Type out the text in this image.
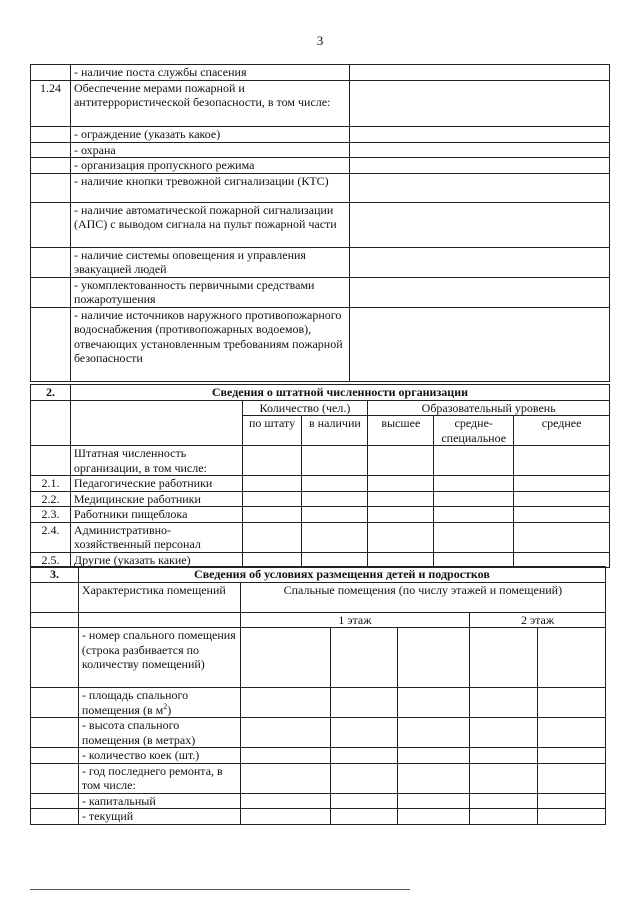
3
	- наличие поста службы спасения	
1.24	Обеспечение мерами пожарной и антитеррористической безопасности, в том числе:	
	- ограждение (указать какое)	
	- охрана	
	- организация пропускного режима	
	- наличие кнопки тревожной сигнализации (КТС)	
	- наличие автоматической пожарной сигнализации (АПС) с выводом сигнала на пульт пожарной части	
	- наличие системы оповещения и управления эвакуацией людей	
	- укомплектованность первичными средствами пожаротушения	
	- наличие источников наружного противопожарного водоснабжения (противопожарных водоемов), отвечающих установленным требованиям пожарной безопасности	
2.	Сведения о штатной численности организации					
		Количество (чел.)		Образовательный уровень		
		по штату	в наличии	высшее	средне-специальное	среднее
	Штатная численность организации, в том числе:					
2.1.	Педагогические работники					
2.2.	Медицинские работники					
2.3.	Работники пищеблока					
2.4.	Административно-хозяйственный персонал					
2.5.	Другие (указать какие)					
3.	Сведения об условиях размещения детей и подростков					
	Характеристика помещений	Спальные помещения (по числу этажей и помещений)				
		1 этаж			2 этаж	
	- номер спального помещения (строка разбивается по количеству помещений)					
	- площадь спального помещения (в $м^2$)					
	- высота спального помещения (в метрах)					
	- количество коек (шт.)					
	- год последнего ремонта, в том числе:					
	- капитальный					
	- текущий					
